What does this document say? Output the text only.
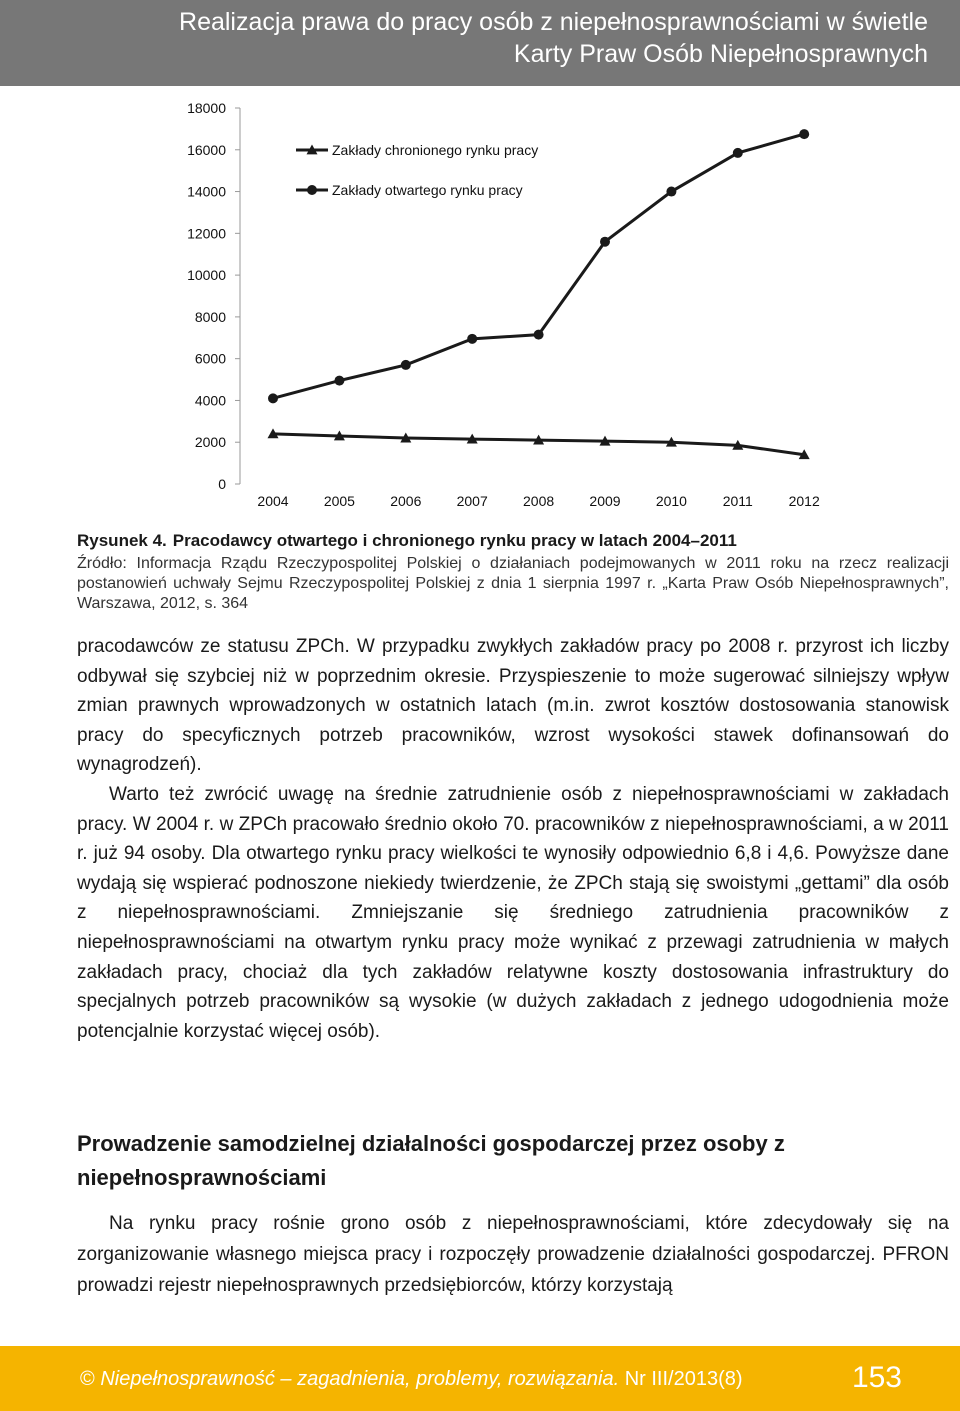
Realizacja prawa do pracy osób z niepełnosprawnościami w świetle
Karty Praw Osób Niepełnosprawnych
0
2000
4000
6000
8000
10000
12000
14000
16000
18000
2004	2005	2006	2007	2008	2009	2010	2011	2012
Zakłady chronionego rynku pracy
Zakłady otwartego rynku pracy
Rysunek 4. Pracodawcy otwartego i chronionego rynku pracy w latach 2004–2011
Źródło: Informacja Rządu Rzeczypospolitej Polskiej o działaniach podejmowanych w 2011 roku na rzecz realizacji postanowień uchwały Sejmu Rzeczypospolitej Polskiej z dnia 1 sierpnia 1997 r. „Karta Praw Osób Niepełnosprawnych”, Warszawa, 2012, s. 364

pracodawców ze statusu ZPCh. W przypadku zwykłych zakładów pracy po 2008 r. przyrost ich liczby odbywał się szybciej niż w poprzednim okresie. Przyspieszenie to może sugerować silniejszy wpływ zmian prawnych wprowadzonych w ostatnich latach (m.in. zwrot kosztów dostosowania stanowisk pracy do specyficznych potrzeb pracowników, wzrost wysokości stawek dofinansowań do wynagrodzeń).

Warto też zwrócić uwagę na średnie zatrudnienie osób z niepełnosprawnościami w zakładach pracy. W 2004 r. w ZPCh pracowało średnio około 70. pracowników z niepełnosprawnościami, a w 2011 r. już 94 osoby. Dla otwartego rynku pracy wielkości te wynosiły odpowiednio 6,8 i 4,6. Powyższe dane wydają się wspierać podnoszone niekiedy twierdzenie, że ZPCh stają się swoistymi „gettami” dla osób z niepełnosprawnościami. Zmniejszanie się średniego zatrudnienia pracowników z niepełnosprawnościami na otwartym rynku pracy może wynikać z przewagi zatrudnienia w małych zakładach pracy, chociaż dla tych zakładów relatywne koszty dostosowania infrastruktury do specjalnych potrzeb pracowników są wysokie (w dużych zakładach z jednego udogodnienia może potencjalnie korzystać więcej osób).

Prowadzenie samodzielnej działalności gospodarczej przez osoby z niepełnosprawnościami

Na rynku pracy rośnie grono osób z niepełnosprawnościami, które zdecydowały się na zorganizowanie własnego miejsca pracy i rozpoczęły prowadzenie działalności gospodarczej. PFRON prowadzi rejestr niepełnosprawnych przedsiębiorców, którzy korzystają

© Niepełnosprawność – zagadnienia, problemy, rozwiązania. Nr III/2013(8)	153
